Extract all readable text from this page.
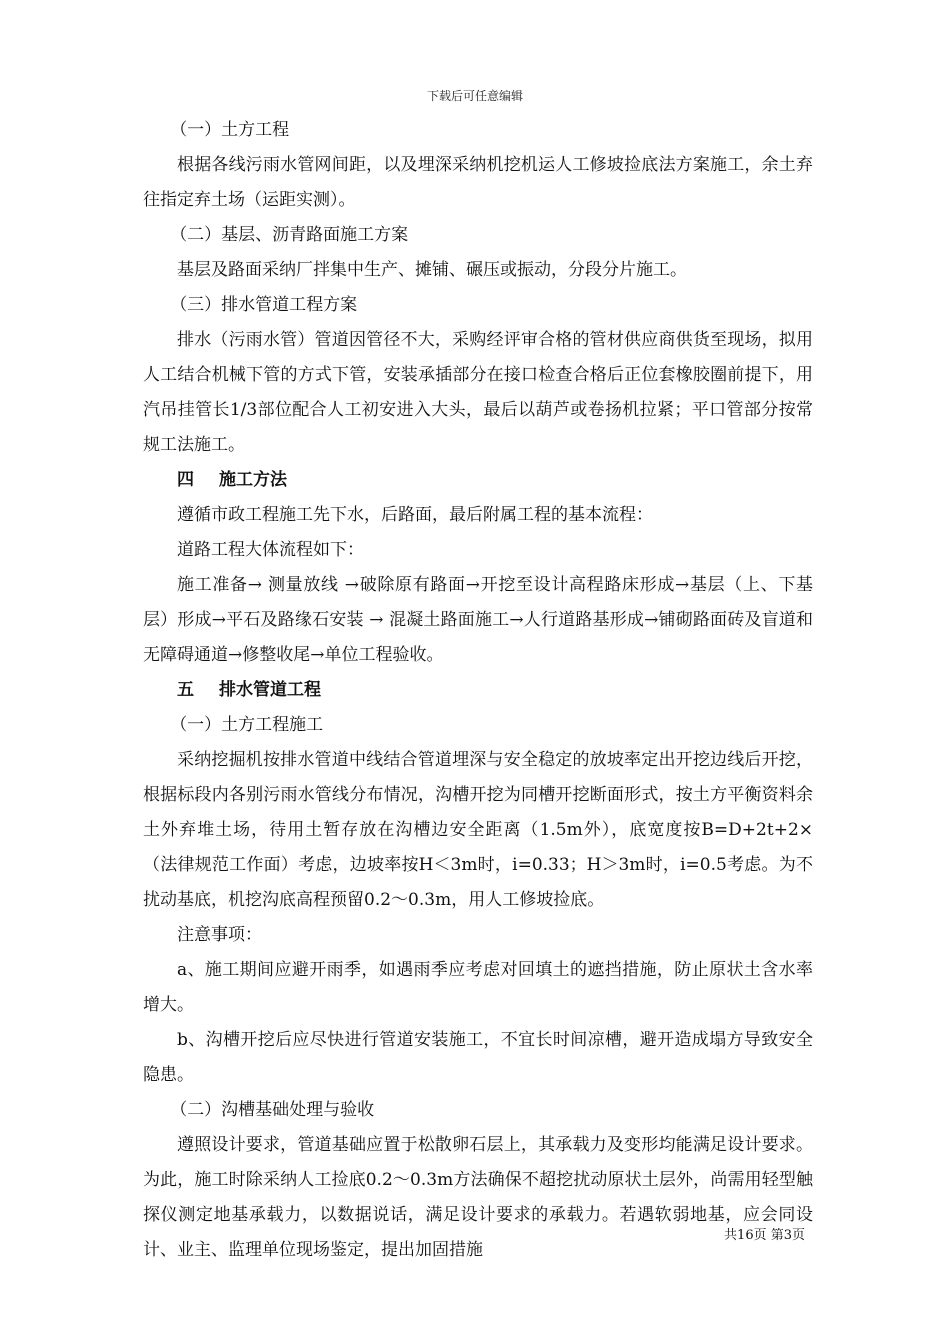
下载后可任意编辑

（一）土方工程

根据各线污雨水管网间距，以及埋深采纳机挖机运人工修坡捡底法方案施工，余土弃往指定弃土场（运距实测）。

（二）基层、沥青路面施工方案

基层及路面采纳厂拌集中生产、摊铺、碾压或振动，分段分片施工。

（三）排水管道工程方案

排水（污雨水管）管道因管径不大，采购经评审合格的管材供应商供货至现场，拟用人工结合机械下管的方式下管，安装承插部分在接口检查合格后正位套橡胶圈前提下，用汽吊挂管长1/3部位配合人工初安进入大头，最后以葫芦或卷扬机拉紧；平口管部分按常规工法施工。

四 施工方法

遵循市政工程施工先下水，后路面，最后附属工程的基本流程：

道路工程大体流程如下：

施工准备→ 测量放线 →破除原有路面→开挖至设计高程路床形成→基层（上、下基层）形成→平石及路缘石安装 → 混凝土路面施工→人行道路基形成→铺砌路面砖及盲道和无障碍通道→修整收尾→单位工程验收。

五 排水管道工程

（一）土方工程施工

采纳挖掘机按排水管道中线结合管道埋深与安全稳定的放坡率定出开挖边线后开挖，根据标段内各别污雨水管线分布情况，沟槽开挖为同槽开挖断面形式，按土方平衡资料余土外弃堆土场，待用土暂存放在沟槽边安全距离（1.5m外），底宽度按B=D+2t+2×（法律规范工作面）考虑，边坡率按H＜3m时，i=0.33；H＞3m时，i=0.5考虑。为不扰动基底，机挖沟底高程预留0.2～0.3m，用人工修坡捡底。

注意事项：

a、施工期间应避开雨季，如遇雨季应考虑对回填土的遮挡措施，防止原状土含水率增大。

b、沟槽开挖后应尽快进行管道安装施工，不宜长时间凉槽，避开造成塌方导致安全隐患。

（二）沟槽基础处理与验收

遵照设计要求，管道基础应置于松散卵石层上，其承载力及变形均能满足设计要求。为此，施工时除采纳人工捡底0.2～0.3m方法确保不超挖扰动原状土层外，尚需用轻型触探仪测定地基承载力，以数据说话，满足设计要求的承载力。若遇软弱地基，应会同设计、业主、监理单位现场鉴定，提出加固措施

共16页 第3页
